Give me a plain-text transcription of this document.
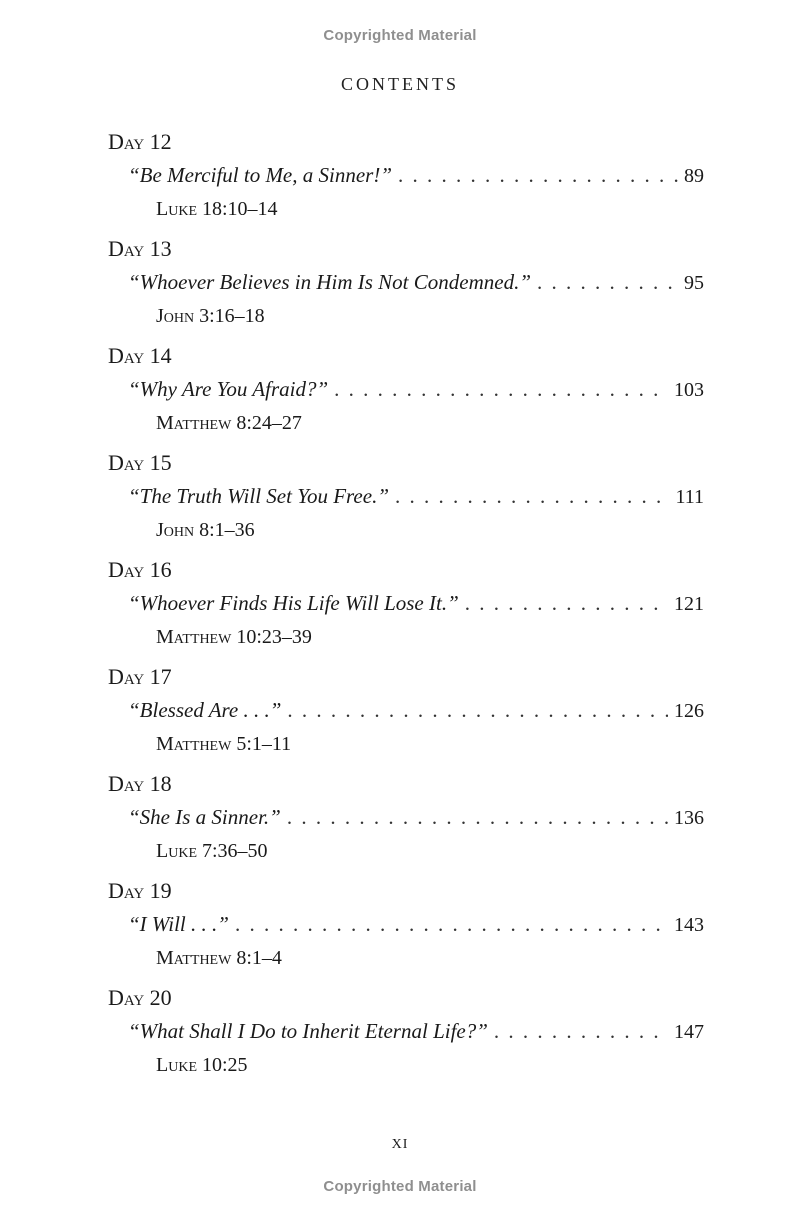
Copyrighted Material
CONTENTS
Day 12
“Be Merciful to Me, a Sinner!” . . .	89
Luke 18:10–14
Day 13
“Whoever Believes in Him Is Not Condemned.” . . .	95
John 3:16–18
Day 14
“Why Are You Afraid?” . . .	103
Matthew 8:24–27
Day 15
“The Truth Will Set You Free.” . . .	111
John 8:1–36
Day 16
“Whoever Finds His Life Will Lose It.” . . .	121
Matthew 10:23–39
Day 17
“Blessed Are . . .” . . .	126
Matthew 5:1–11
Day 18
“She Is a Sinner.” . . .	136
Luke 7:36–50
Day 19
“I Will . . .” . . .	143
Matthew 8:1–4
Day 20
“What Shall I Do to Inherit Eternal Life?” . . .	147
Luke 10:25
xi
Copyrighted Material
